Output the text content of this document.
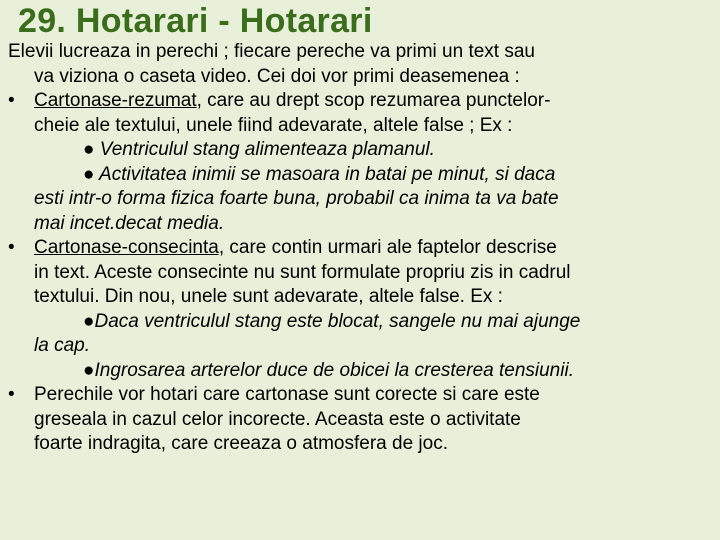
29. Hotarari - Hotarari
Elevii lucreaza in perechi ; fiecare pereche va primi un text sau
va viziona o caseta video. Cei doi vor primi deasemenea :
• Cartonase-rezumat, care au drept scop rezumarea punctelor-
cheie ale textului, unele fiind adevarate, altele false ; Ex :
● Ventriculul stang alimenteaza plamanul.
● Activitatea inimii se masoara in batai pe minut, si daca
esti intr-o forma fizica foarte buna, probabil ca inima ta va bate
mai incet.decat media.
• Cartonase-consecinta, care contin urmari ale faptelor descrise
in text. Aceste consecinte nu sunt formulate propriu zis in cadrul
textului. Din nou, unele sunt adevarate, altele false. Ex :
●Daca ventriculul stang este blocat, sangele nu mai ajunge
la cap.
●Ingrosarea arterelor duce de obicei la cresterea tensiunii.
• Perechile vor hotari care cartonase sunt corecte si care este
greseala in cazul celor incorecte. Aceasta este o activitate
foarte indragita, care creeaza o atmosfera de joc.
